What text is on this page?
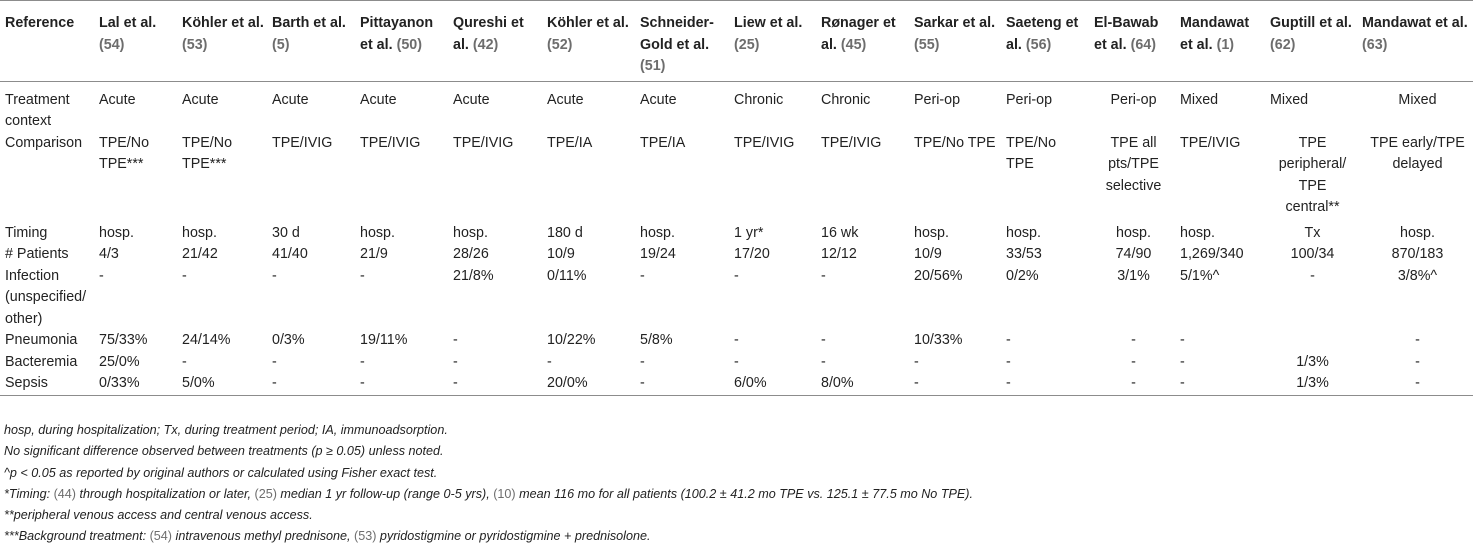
Reference	Lal et al. (54)	Köhler et al. (53)	Barth et al. (5)	Pittayanon et al. (50)	Qureshi et al. (42)	Köhler et al. (52)	Schneider-Gold et al. (51)	Liew et al. (25)	Rønager et al. (45)	Sarkar et al. (55)	Saeteng et al. (56)	El-Bawab et al. (64)	Mandawat et al. (1)	Guptill et al. (62)	Mandawat et al. (63)
Treatment context	Acute	Acute	Acute	Acute	Acute	Acute	Acute	Chronic	Chronic	Peri-op	Peri-op	Peri-op	Mixed	Mixed	Mixed
Comparison	TPE/No TPE***	TPE/No TPE***	TPE/IVIG	TPE/IVIG	TPE/IVIG	TPE/IA	TPE/IA	TPE/IVIG	TPE/IVIG	TPE/No TPE	TPE/No TPE	TPE all pts/TPE selective	TPE/IVIG	TPE peripheral/ TPE central**	TPE early/TPE delayed
Timing	hosp.	hosp.	30 d	hosp.	hosp.	180 d	hosp.	1 yr*	16 wk	hosp.	hosp.	hosp.	hosp.	Tx	hosp.
# Patients	4/3	21/42	41/40	21/9	28/26	10/9	19/24	17/20	12/12	10/9	33/53	74/90	1,269/340	100/34	870/183
Infection (unspecified/ other)	-	-	-	-	21/8%	0/11%	-	-	-	20/56%	0/2%	3/1%	5/1%^	-	3/8%^
Pneumonia	75/33%	24/14%	0/3%	19/11%	-	10/22%	5/8%	-	-	10/33%	-	-	-		-
Bacteremia	25/0%	-	-	-	-	-	-	-	-	-	-	-	-	1/3%	-
Sepsis	0/33%	5/0%	-	-	-	20/0%	-	6/0%	8/0%	-	-	-	-	1/3%	-
hosp, during hospitalization; Tx, during treatment period; IA, immunoadsorption.
No significant difference observed between treatments (p ≥ 0.05) unless noted.
^p < 0.05 as reported by original authors or calculated using Fisher exact test.
*Timing: (44) through hospitalization or later, (25) median 1 yr follow-up (range 0-5 yrs), (10) mean 116 mo for all patients (100.2 ± 41.2 mo TPE vs. 125.1 ± 77.5 mo No TPE).
**peripheral venous access and central venous access.
***Background treatment: (54) intravenous methyl prednisone, (53) pyridostigmine or pyridostigmine + prednisolone.
